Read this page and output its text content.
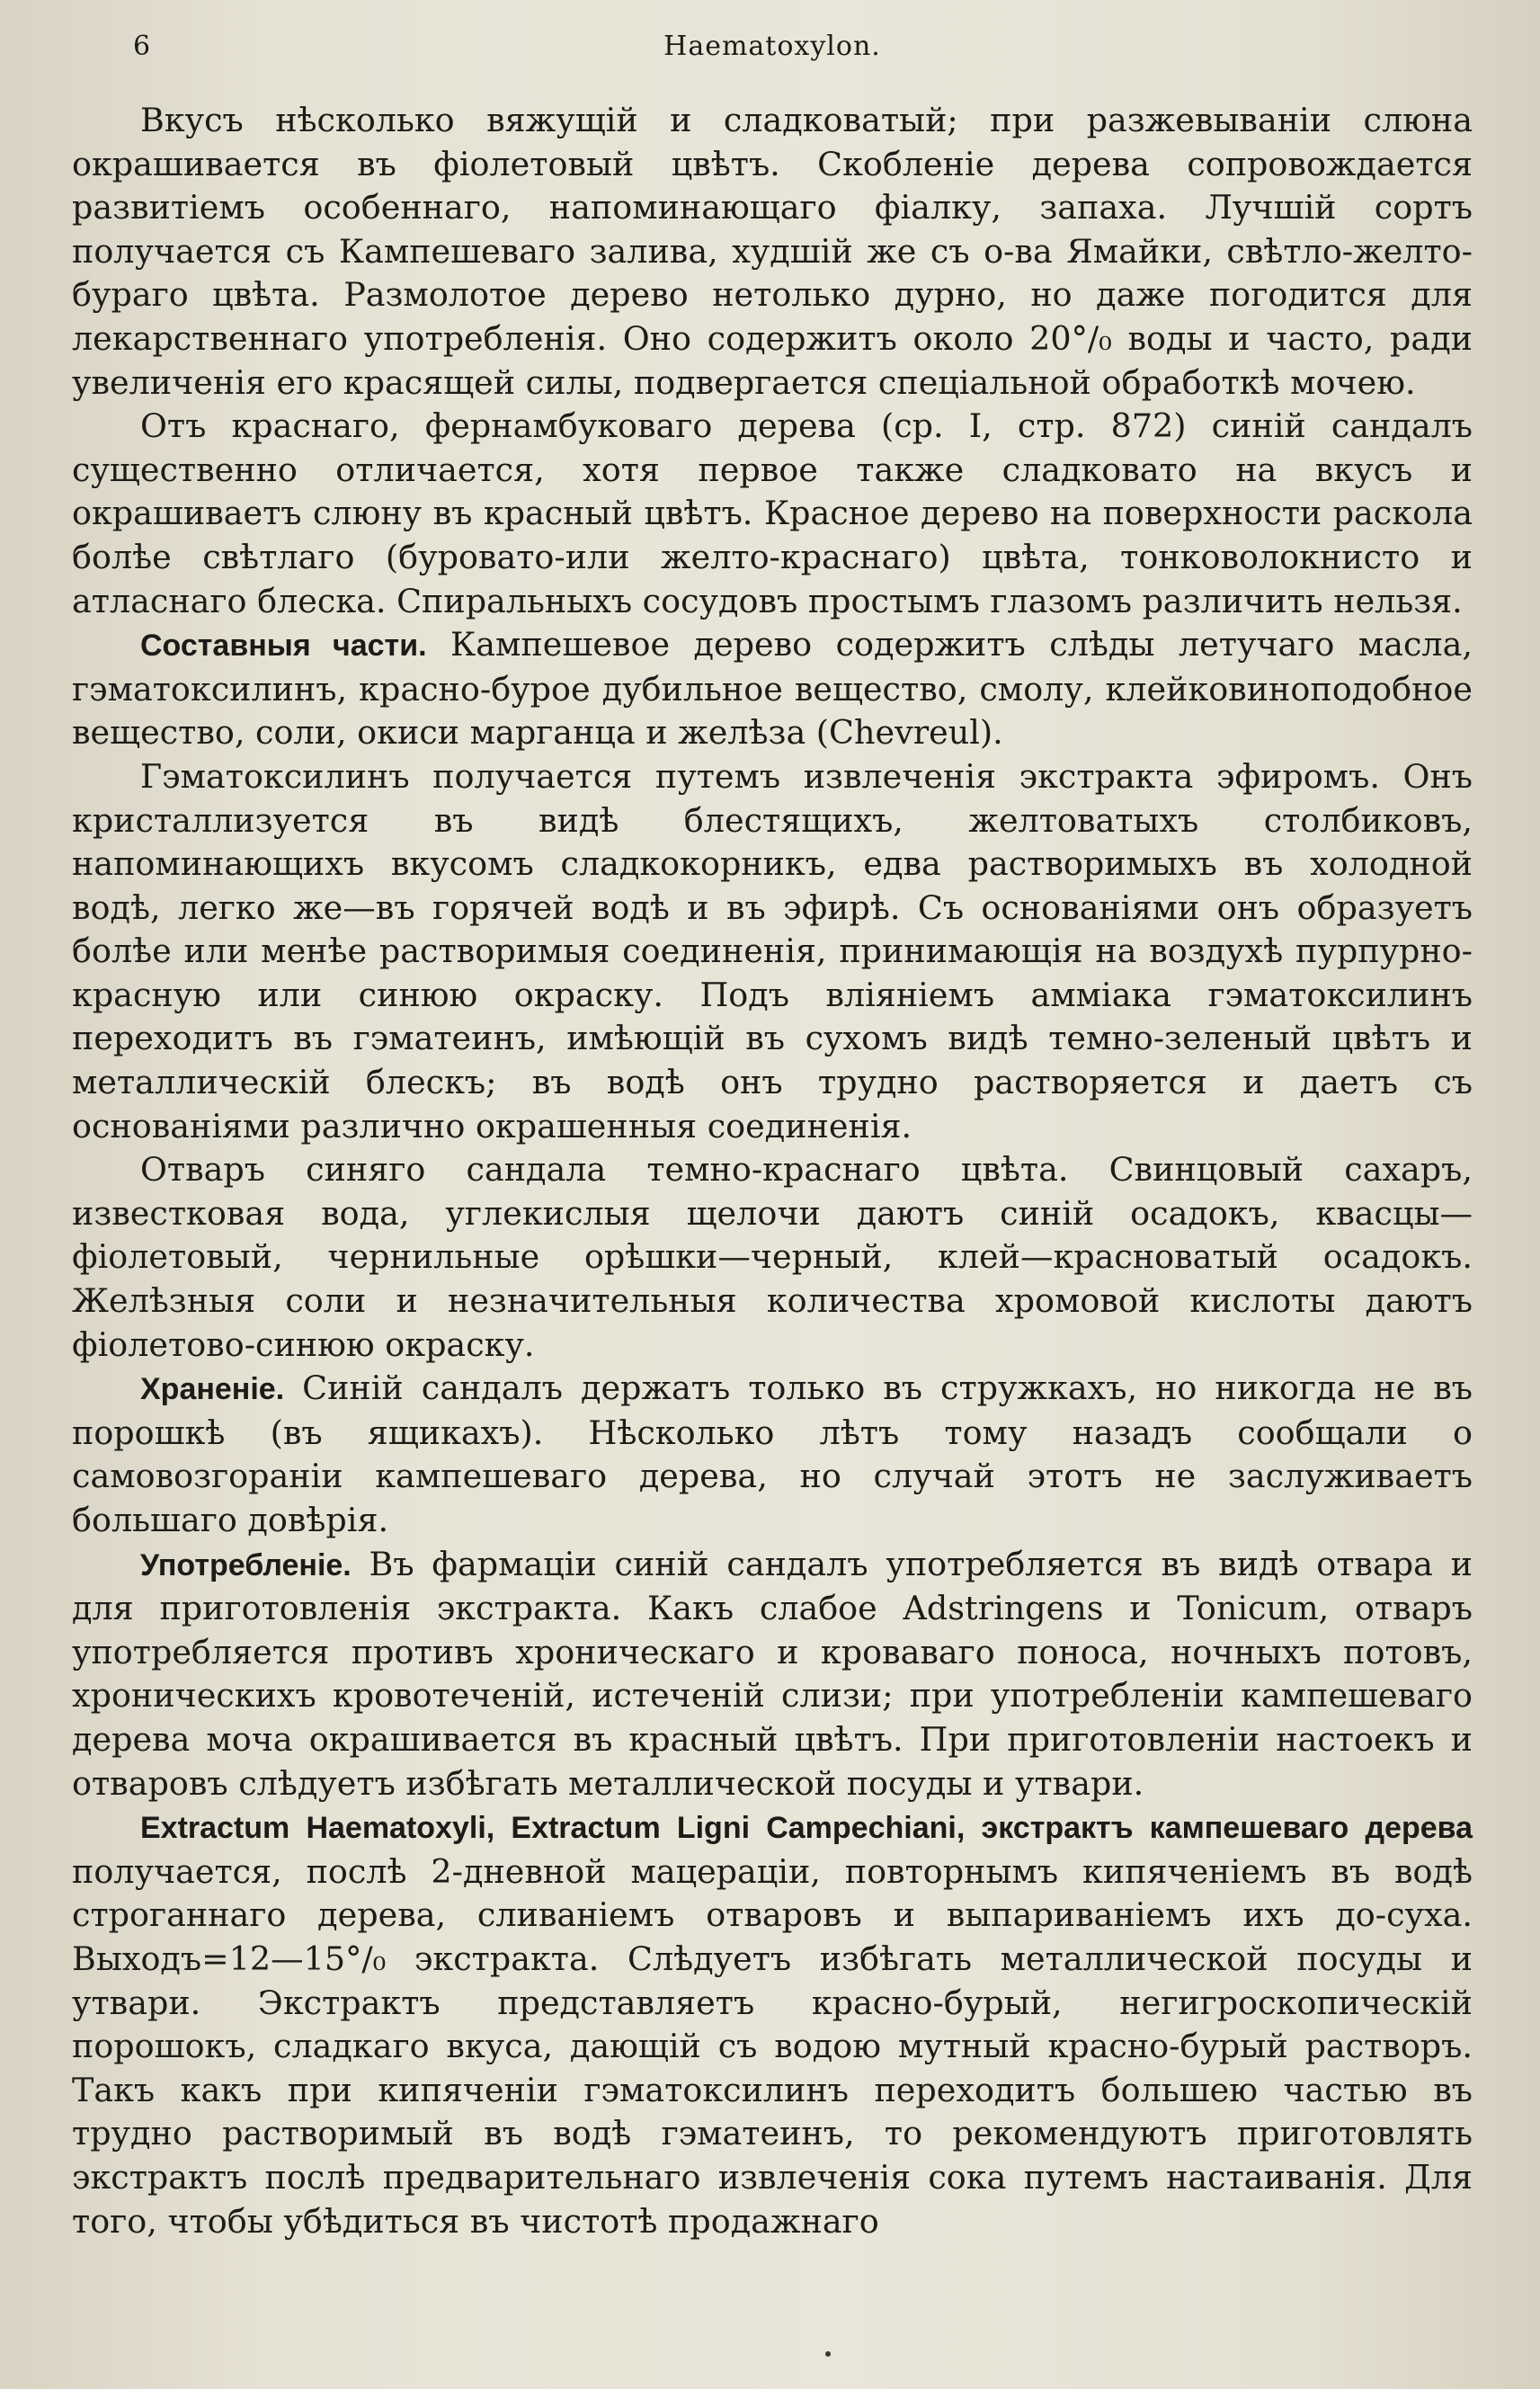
6	Haematoxylon.

Вкусъ нѣсколько вяжущій и сладковатый; при разжевываніи слюна окрашивается въ фіолетовый цвѣтъ. Скобленіе дерева сопровождается развитіемъ особеннаго, напоминающаго фіалку, запаха. Лучшій сортъ получается съ Кампешеваго залива, худшій же съ о-ва Ямайки, свѣтло-желто-бураго цвѣта. Размолотое дерево нетолько дурно, но даже погодится для лекарственнаго употребленія. Оно содержитъ около 20°/₀ воды и часто, ради увеличенія его красящей силы, подвергается спеціальной обработкѣ мочею.

Отъ краснаго, фернамбуковаго дерева (ср. I, стр. 872) синій сандалъ существенно отличается, хотя первое также сладковато на вкусъ и окрашиваетъ слюну въ красный цвѣтъ. Красное дерево на поверхности раскола болѣе свѣтлаго (буровато-или желто-краснаго) цвѣта, тонковолокнисто и атласнаго блеска. Спиральныхъ сосудовъ простымъ глазомъ различить нельзя.

Составныя части. Кампешевое дерево содержитъ слѣды летучаго масла, гэматоксилинъ, красно-бурое дубильное вещество, смолу, клейковиноподобное вещество, соли, окиси марганца и желѣза (Chevreul).

Гэматоксилинъ получается путемъ извлеченія экстракта эфиромъ. Онъ кристаллизуется въ видѣ блестящихъ, желтоватыхъ столбиковъ, напоминающихъ вкусомъ сладкокорникъ, едва растворимыхъ въ холодной водѣ, легко же—въ горячей водѣ и въ эфирѣ. Съ основаніями онъ образуетъ болѣе или менѣе растворимыя соединенія, принимающія на воздухѣ пурпурно-красную или синюю окраску. Подъ вліяніемъ амміака гэматоксилинъ переходитъ въ гэматеинъ, имѣющій въ сухомъ видѣ темно-зеленый цвѣтъ и металлическій блескъ; въ водѣ онъ трудно растворяется и даетъ съ основаніями различно окрашенныя соединенія.

Отваръ синяго сандала темно-краснаго цвѣта. Свинцовый сахаръ, известковая вода, углекислыя щелочи даютъ синій осадокъ, квасцы—фіолетовый, чернильные орѣшки—черный, клей—красноватый осадокъ. Желѣзныя соли и незначительныя количества хромовой кислоты даютъ фіолетово-синюю окраску.

Храненіе. Синій сандалъ держатъ только въ стружкахъ, но никогда не въ порошкѣ (въ ящикахъ). Нѣсколько лѣтъ тому назадъ сообщали о самовозгораніи кампешеваго дерева, но случай этотъ не заслуживаетъ большаго довѣрія.

Употребленіе. Въ фармаціи синій сандалъ употребляется въ видѣ отвара и для приготовленія экстракта. Какъ слабое Adstringens и Tonicum, отваръ употребляется противъ хроническаго и кроваваго поноса, ночныхъ потовъ, хроническихъ кровотеченій, истеченій слизи; при употребленіи кампешеваго дерева моча окрашивается въ красный цвѣтъ. При приготовленіи настоекъ и отваровъ слѣдуетъ избѣгать металлической посуды и утвари.

Extractum Haematoxyli, Extractum Ligni Campechiani, экстрактъ кампешеваго дерева получается, послѣ 2-дневной мацераціи, повторнымъ кипяченіемъ въ водѣ строганнаго дерева, сливаніемъ отваровъ и выпариваніемъ ихъ до-суха. Выходъ=12—15°/₀ экстракта. Слѣдуетъ избѣгать металлической посуды и утвари. Экстрактъ представляетъ красно-бурый, негигроскопическій порошокъ, сладкаго вкуса, дающій съ водою мутный красно-бурый растворъ. Такъ какъ при кипяченіи гэматоксилинъ переходитъ большею частью въ трудно растворимый въ водѣ гэматеинъ, то рекомендуютъ приготовлять экстрактъ послѣ предварительнаго извлеченія сока путемъ настаиванія. Для того, чтобы убѣдиться въ чистотѣ продажнаго
